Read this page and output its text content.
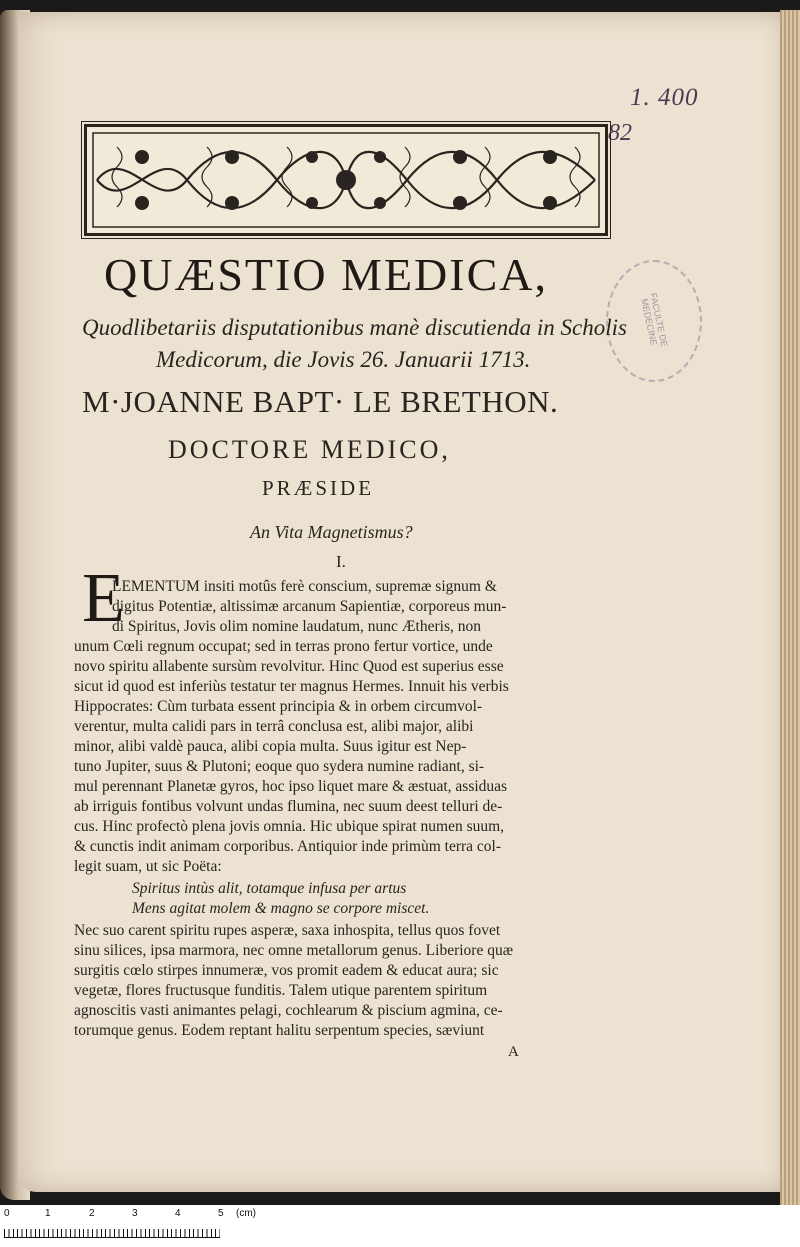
1. 400
82
FACULTE DE MEDECINE
QUÆSTIO MEDICA,
Quodlibetariis disputationibus manè discutienda in Scholis
Medicorum, die Jovis 26. Januarii 1713.
M·JOANNE BAPT· LE BRETHON.
DOCTORE MEDICO,
PRÆSIDE
An Vita Magnetismus?
I.
E
LEMENTUM insiti motûs ferè conscium, supremæ signum &
digitus Potentiæ, altissimæ arcanum Sapientiæ, corporeus mun-
di Spiritus, Jovis olim nomine laudatum, nunc Ætheris, non
unum Cœli regnum occupat; sed in terras prono fertur vortice, unde
novo spiritu allabente sursùm revolvitur. Hinc Quod est superius esse
sicut id quod est inferiùs testatur ter magnus Hermes. Innuit his verbis
Hippocrates: Cùm turbata essent principia & in orbem circumvol-
verentur, multa calidi pars in terrâ conclusa est, alibi major, alibi
minor, alibi valdè pauca, alibi copia multa. Suus igitur est Nep-
tuno Jupiter, suus & Plutoni; eoque quo sydera numine radiant, si-
mul perennant Planetæ gyros, hoc ipso liquet mare & æstuat, assiduas
ab irriguis fontibus volvunt undas flumina, nec suum deest telluri de-
cus. Hinc profectò plena jovis omnia. Hic ubique spirat numen suum,
& cunctis indit animam corporibus. Antiquior inde primùm terra col-
legit suam, ut sic Poëta:
Spiritus intùs alit, totamque infusa per artus
Mens agitat molem & magno se corpore miscet.
Nec suo carent spiritu rupes asperæ, saxa inhospita, tellus quos fovet
sinu silices, ipsa marmora, nec omne metallorum genus. Liberiore quæ
surgitis cœlo stirpes innumeræ, vos promit eadem & educat aura; sic
vegetæ, flores fructusque funditis. Talem utique parentem spiritum
agnoscitis vasti animantes pelagi, cochlearum & piscium agmina, ce-
torumque genus. Eodem reptant halitu serpentum species, sæviunt
A
0	1	2	3	4	5 (cm)
